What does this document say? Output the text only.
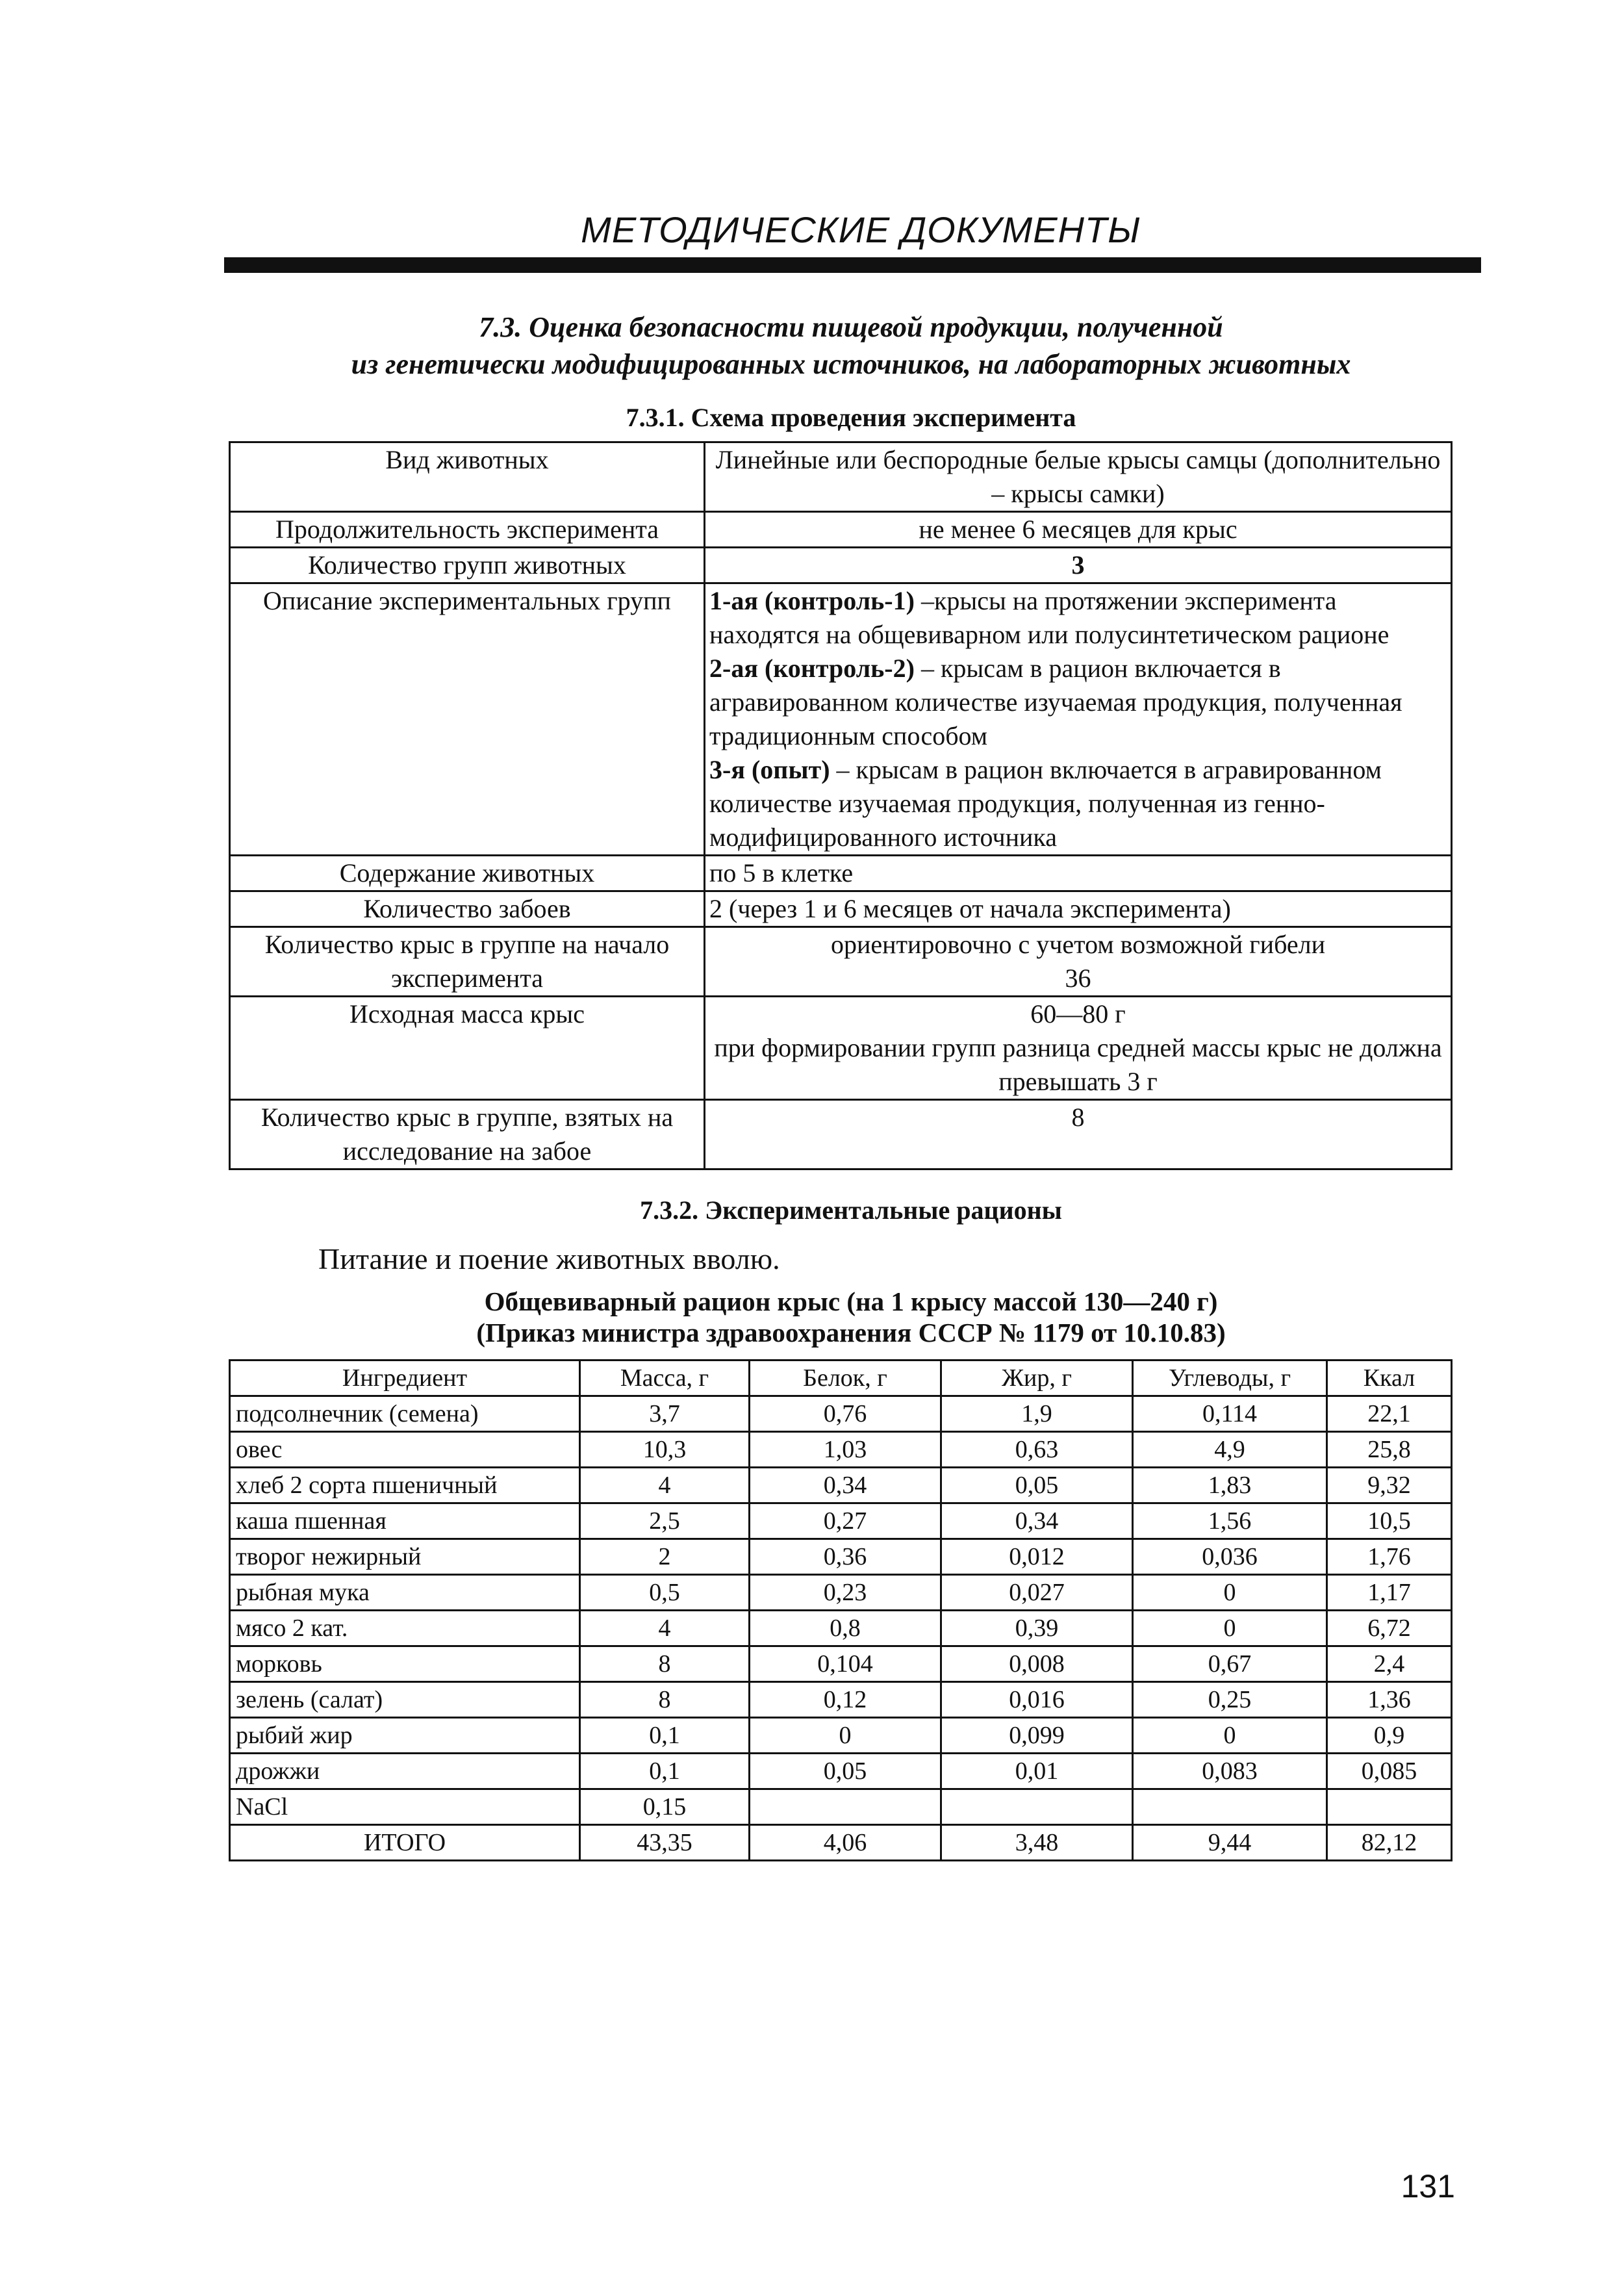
МЕТОДИЧЕСКИЕ ДОКУМЕНТЫ
7.3. Оценка безопасности пищевой продукции, полученной
из генетически модифицированных источников, на лабораторных животных
7.3.1. Схема проведения эксперимента
Вид животных	Линейные или беспородные белые крысы самцы (дополнительно – крысы самки)
Продолжительность эксперимента	не менее 6 месяцев для крыс
Количество групп животных	3
Описание экспериментальных групп	1-ая (контроль-1) –крысы на протяжении эксперимента находятся на общевиварном или полусинтетическом рационе
2-ая (контроль-2) – крысам в рацион включается в агравированном количестве изучаемая продукция, полученная традиционным способом
3-я (опыт) – крысам в рацион включается в агравированном количестве изучаемая продукция, полученная из генно-модифицированного источника

Содержание животных	по 5 в клетке
Количество забоев	2 (через 1 и 6 месяцев от начала эксперимента)
Количество крыс в группе на начало эксперимента	ориентировочно с учетом возможной гибели
36

Исходная масса крыс	60—80 г
при формировании групп разница средней массы крыс не должна превышать 3 г

Количество крыс в группе, взятых на исследование на забое	8
7.3.2. Экспериментальные рационы
Питание и поение животных вволю.
Общевиварный рацион крыс (на 1 крысу массой 130—240 г)
(Приказ министра здравоохранения СССР № 1179 от 10.10.83)
Ингредиент	Масса, г	Белок, г	Жир, г	Углеводы, г	Ккал
подсолнечник (семена)	3,7	0,76	1,9	0,114	22,1
овес	10,3	1,03	0,63	4,9	25,8
хлеб 2 сорта пшеничный	4	0,34	0,05	1,83	9,32
каша пшенная	2,5	0,27	0,34	1,56	10,5
творог нежирный	2	0,36	0,012	0,036	1,76
рыбная мука	0,5	0,23	0,027	0	1,17
мясо 2 кат.	4	0,8	0,39	0	6,72
морковь	8	0,104	0,008	0,67	2,4
зелень (салат)	8	0,12	0,016	0,25	1,36
рыбий жир	0,1	0	0,099	0	0,9
дрожжи	0,1	0,05	0,01	0,083	0,085
NaCl	0,15				
ИТОГО	43,35	4,06	3,48	9,44	82,12
131
